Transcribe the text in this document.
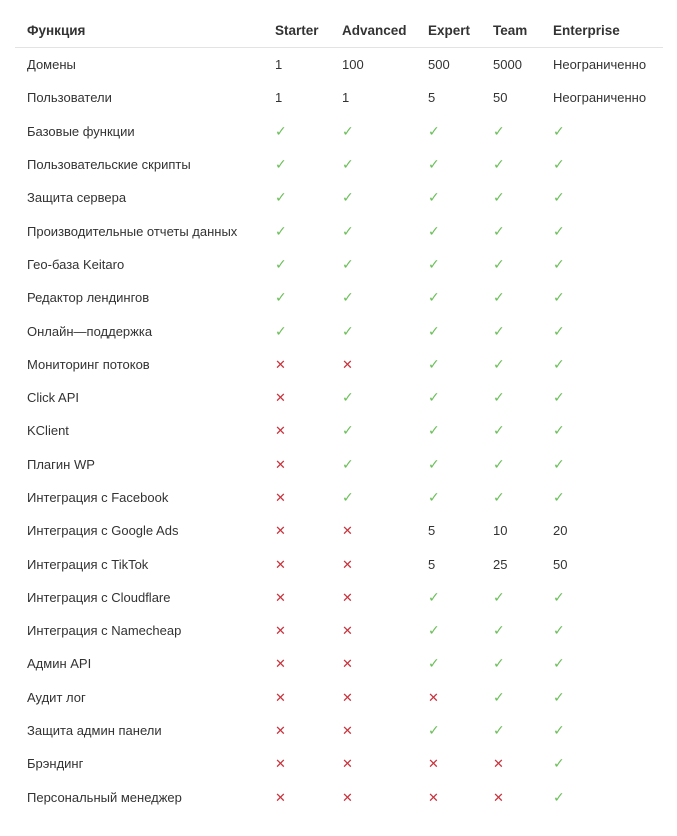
Функция	Starter	Advanced	Expert	Team	Enterprise
Домены	1	100	500	5000	Неограниченно
Пользователи	1	1	5	50	Неограниченно
Базовые функции	✓	✓	✓	✓	✓
Пользовательские скрипты	✓	✓	✓	✓	✓
Защита сервера	✓	✓	✓	✓	✓
Производительные отчеты данных	✓	✓	✓	✓	✓
Гео-база Keitaro	✓	✓	✓	✓	✓
Редактор лендингов	✓	✓	✓	✓	✓
Онлайн—поддержка	✓	✓	✓	✓	✓
Мониторинг потоков	✕	✕	✓	✓	✓
Click API	✕	✓	✓	✓	✓
KClient	✕	✓	✓	✓	✓
Плагин WP	✕	✓	✓	✓	✓
Интеграция с Facebook	✕	✓	✓	✓	✓
Интеграция с Google Ads	✕	✕	5	10	20
Интеграция с TikTok	✕	✕	5	25	50
Интеграция с Cloudflare	✕	✕	✓	✓	✓
Интеграция с Namecheap	✕	✕	✓	✓	✓
Админ API	✕	✕	✓	✓	✓
Аудит лог	✕	✕	✕	✓	✓
Защита админ панели	✕	✕	✓	✓	✓
Брэндинг	✕	✕	✕	✕	✓
Персональный менеджер	✕	✕	✕	✕	✓
